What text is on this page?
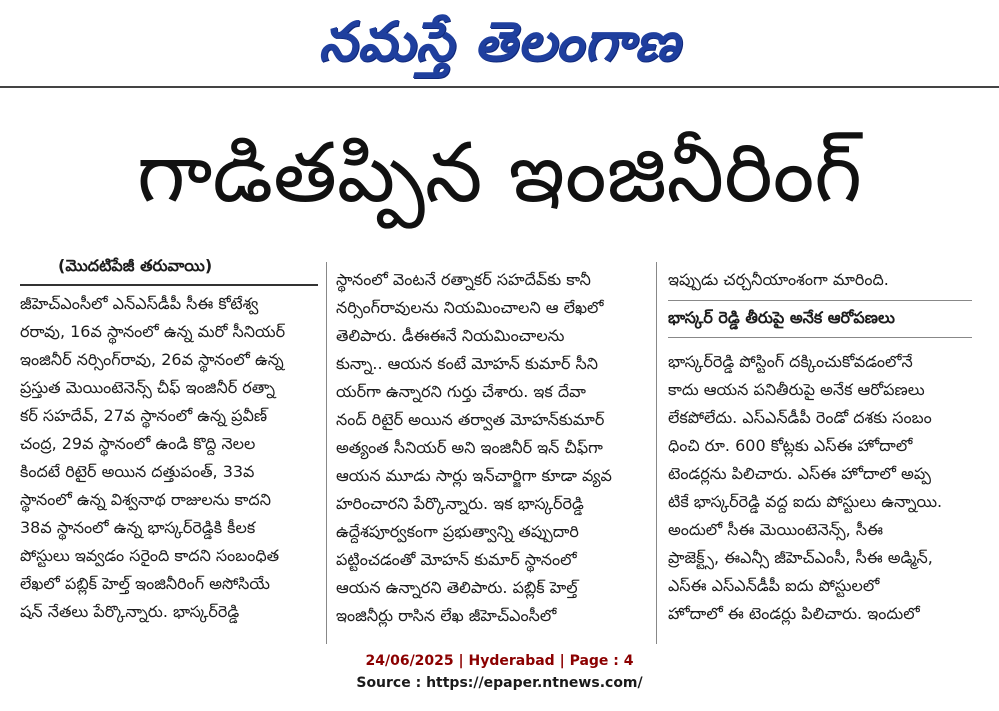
నమస్తే తెలంగాణ
గాడితప్పిన ఇంజినీరింగ్
(మొదటిపేజీ తరువాయి)
జీహెచ్ఎంసీలో ఎన్ఎస్‌డీపీ సీఈ కోటేశ్వ
రరావు, 16వ స్థానంలో ఉన్న మరో సీనియర్
ఇంజినీర్ నర్సింగ్‌రావు, 26వ స్థానంలో ఉన్న
ప్రస్తుత మెయింటెనెన్స్ చీఫ్ ఇంజినీర్ రత్నా
కర్ సహదేవ్, 27వ స్థానంలో ఉన్న ప్రవీణ్
చంద్ర, 29వ స్థానంలో ఉండి కొద్ది నెలల
కిందటే రిటైర్ అయిన దత్తుపంత్, 33వ
స్థానంలో ఉన్న విశ్వనాథ రాజులను కాదని
38వ స్థానంలో ఉన్న భాస్కర్‌రెడ్డికి కీలక
పోస్టులు ఇవ్వడం సరైంది కాదని సంబంధిత
లేఖలో పబ్లిక్ హెల్త్ ఇంజినీరింగ్ అసోసియే
షన్ నేతలు పేర్కొన్నారు. భాస్కర్‌రెడ్డి
స్థానంలో వెంటనే రత్నాకర్ సహదేవ్‌కు కానీ
నర్సింగ్‌రావులను నియమించాలని ఆ లేఖలో
తెలిపారు. డీఈఈనే నియమించాలను
కున్నా.. ఆయన కంటే మోహన్ కుమార్ సీని
యర్‌గా ఉన్నారని గుర్తు చేశారు. ఇక దేవా
నంద్ రిటైర్ అయిన తర్వాత మోహన్‌కుమార్
అత్యంత సీనియర్ అని ఇంజినీర్ ఇన్ చీఫ్‌గా
ఆయన మూడు సార్లు ఇన్‌చార్జిగా కూడా వ్యవ
హరించారని పేర్కొన్నారు. ఇక భాస్కర్‌రెడ్డి
ఉద్దేశపూర్వకంగా ప్రభుత్వాన్ని తప్పుదారి
పట్టించడంతో మోహన్ కుమార్ స్థానంలో
ఆయన ఉన్నారని తెలిపారు. పబ్లిక్ హెల్త్
ఇంజినీర్లు రాసిన లేఖ జీహెచ్ఎంసీలో
ఇప్పుడు చర్చనీయాంశంగా మారింది.
భాస్కర్ రెడ్డి తీరుపై అనేక ఆరోపణలు
భాస్కర్‌రెడ్డి పోస్టింగ్ దక్కించుకోవడంలోనే
కాదు ఆయన పనితీరుపై అనేక ఆరోపణలు
లేకపోలేదు. ఎస్ఎన్‌డీపీ రెండో దశకు సంబం
ధించి రూ. 600 కోట్లకు ఎస్ఈ హోదాలో
టెండర్లను పిలిచారు. ఎస్ఈ హోదాలో అప్ప
టికే భాస్కర్‌రెడ్డి వద్ద ఐదు పోస్టులు ఉన్నాయి.
అందులో సీఈ మెయింటెనెన్స్, సీఈ
ప్రాజెక్ట్స్, ఈఎన్సీ జీహెచ్ఎంసీ, సీఈ అడ్మిన్,
ఎస్ఈ ఎస్ఎన్‌డీపీ ఐదు పోస్టులలో
హోదాలో ఈ టెండర్లు పిలిచారు. ఇందులో
24/06/2025 | Hyderabad | Page : 4
Source : https://epaper.ntnews.com/
